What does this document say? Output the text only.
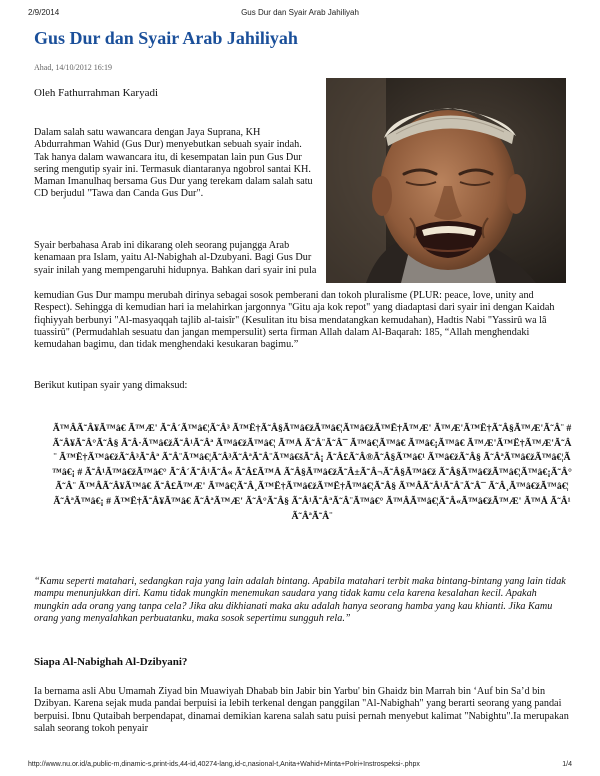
2/9/2014	Gus Dur dan Syair Arab Jahiliyah
Gus Dur dan Syair Arab Jahiliyah
Ahad, 14/10/2012 16:19

Oleh Fathurrahman Karyadi

Dalam salah satu wawancara dengan Jaya Suprana, KH Abdurrahman Wahid (Gus Dur) menyebutkan sebuah syair indah. Tak hanya dalam wawancara itu, di kesempatan lain pun Gus Dur sering mengutip syair ini. Termasuk diantaranya ngobrol santai KH. Maman Imanulhaq bersama Gus Dur yang terekam dalam salah satu CD berjudul "Tawa dan Canda Gus Dur".

Syair berbahasa Arab ini dikarang oleh seorang pujangga Arab kenamaan pra Islam, yaitu Al-Nabighah al-Dzubyani. Bagi Gus Dur syair inilah yang mempengaruhi hidupnya. Bahkan dari syair ini pula

kemudian Gus Dur mampu merubah dirinya sebagai sosok pemberani dan tokoh pluralisme (PLUR: peace, love, unity and Respect). Sehingga di kemudian hari ia melahirkan jargonnya "Gitu aja kok repot" yang diadaptasi dari syair ini dengan Kaidah fiqhiyyah berbunyi "Al-masyaqqah tajlib al-taisîr" (Kesulitan itu bisa mendatangkan kemudahan), Hadtis Nabi "Yassirû wa lâ tuassirû" (Permudahlah sesuatu dan jangan mempersulit) serta firman Allah dalam Al-Baqarah: 185, “Allah menghendaki kemudahan bagimu, dan tidak menghendaki kesukaran bagimu.”

Berikut kutipan syair yang dimaksud:

Ã™ÂÃ˜Â¥Ã™â€ Ã™Æ' Ã˜Â´Ã™â€¦Ã˜Â³ Ã™Ë†Ã˜Â§Ã™â€žÃ™â€¦Ã™â€žÃ™Ë†Ã™Æ' Ã™Æ'Ã™Ë†Ã˜Â§Ã™Æ'Ã˜Â¨ # Ã˜Â¥Ã˜Â°Ã˜Â§ Ã˜Â·Ã™â€žÃ˜Â¹Ã˜Âª Ã™â€žÃ™â€¦ Ã™Å Ã˜Â¨Ã˜Â¯ Ã™â€¦Ã™â€ Ã™â€¡Ã™â€ Ã™Æ'Ã™Ë†Ã™Æ'Ã˜Â¨ Ã™Ë†Ã™â€žÃ˜Â³Ã˜Âª Ã˜Â¨Ã™â€¦Ã˜Â³Ã˜ÂªÃ˜Â¨Ã™â€šÃ˜Â¡ Ã˜Â£Ã˜Â®Ã˜Â§Ã™â€¹ Ã™â€žÃ˜Â§ Ã˜ÂªÃ™â€žÃ™â€¦Ã™â€¡ # Ã˜Â¹Ã™â€žÃ™â€° Ã˜Â´Ã˜Â¹Ã˜Â« Ã˜Â£Ã™Å Ã˜Â§Ã™â€žÃ˜Â±Ã˜Â¬Ã˜Â§Ã™â€ž Ã˜Â§Ã™â€žÃ™â€¦Ã™â€¡Ã˜Â°Ã˜Â¨ Ã™ÂÃ˜Â¥Ã™â€ Ã˜Â£Ã™Æ' Ã™â€¦Ã˜Â¸Ã™Ë†Ã™â€žÃ™Ë†Ã™â€¦Ã˜Â§ Ã™ÂÃ˜Â¹Ã˜Â¨Ã˜Â¯ Ã˜Â¸Ã™â€žÃ™â€¦Ã˜ÂªÃ™â€¡ # Ã™Ë†Ã˜Â¥Ã™â€ Ã˜ÂªÃ™Æ' Ã˜Â°Ã˜Â§ Ã˜Â¹Ã˜ÂªÃ˜Â¨Ã™â€° Ã™ÂÃ™â€¦Ã˜Â«Ã™â€žÃ™Æ' Ã™Å Ã˜Â¹Ã˜ÂªÃ˜Â¨

“Kamu seperti matahari, sedangkan raja yang lain adalah bintang. Apabila matahari terbit maka bintang-bintang yang lain tidak mampu menunjukkan diri. Kamu tidak mungkin menemukan saudara yang tidak kamu cela karena kesalahan kecil. Apakah mungkin ada orang yang tanpa cela? Jika aku dikhianati maka aku adalah hanya seorang hamba yang kau khianti. Jika Kamu orang yang menyalahkan perbuatanku, maka sosok sepertimu sungguh rela.”

Siapa Al-Nabighah Al-Dzibyani?

Ia bernama asli Abu Umamah Ziyad bin Muawiyah Dhabab bin Jabir bin Yarbu' bin Ghaidz bin Marrah bin ‘Auf bin Sa’d bin Dzibyan. Karena sejak muda pandai berpuisi ia lebih terkenal dengan panggilan "Al-Nabighah" yang berarti seorang yang pandai berpuisi. Ibnu Qutaibah berpendapat, dinamai demikian karena salah satu puisi pernah menyebut kalimat "Nabightu".Ia merupakan salah seorang tokoh penyair

http://www.nu.or.id/a,public-m,dinamic-s,print-ids,44-id,40274-lang,id-c,nasional-t,Anita+Wahid+Minta+Polri+Instrospeksi-.phpx	1/4
